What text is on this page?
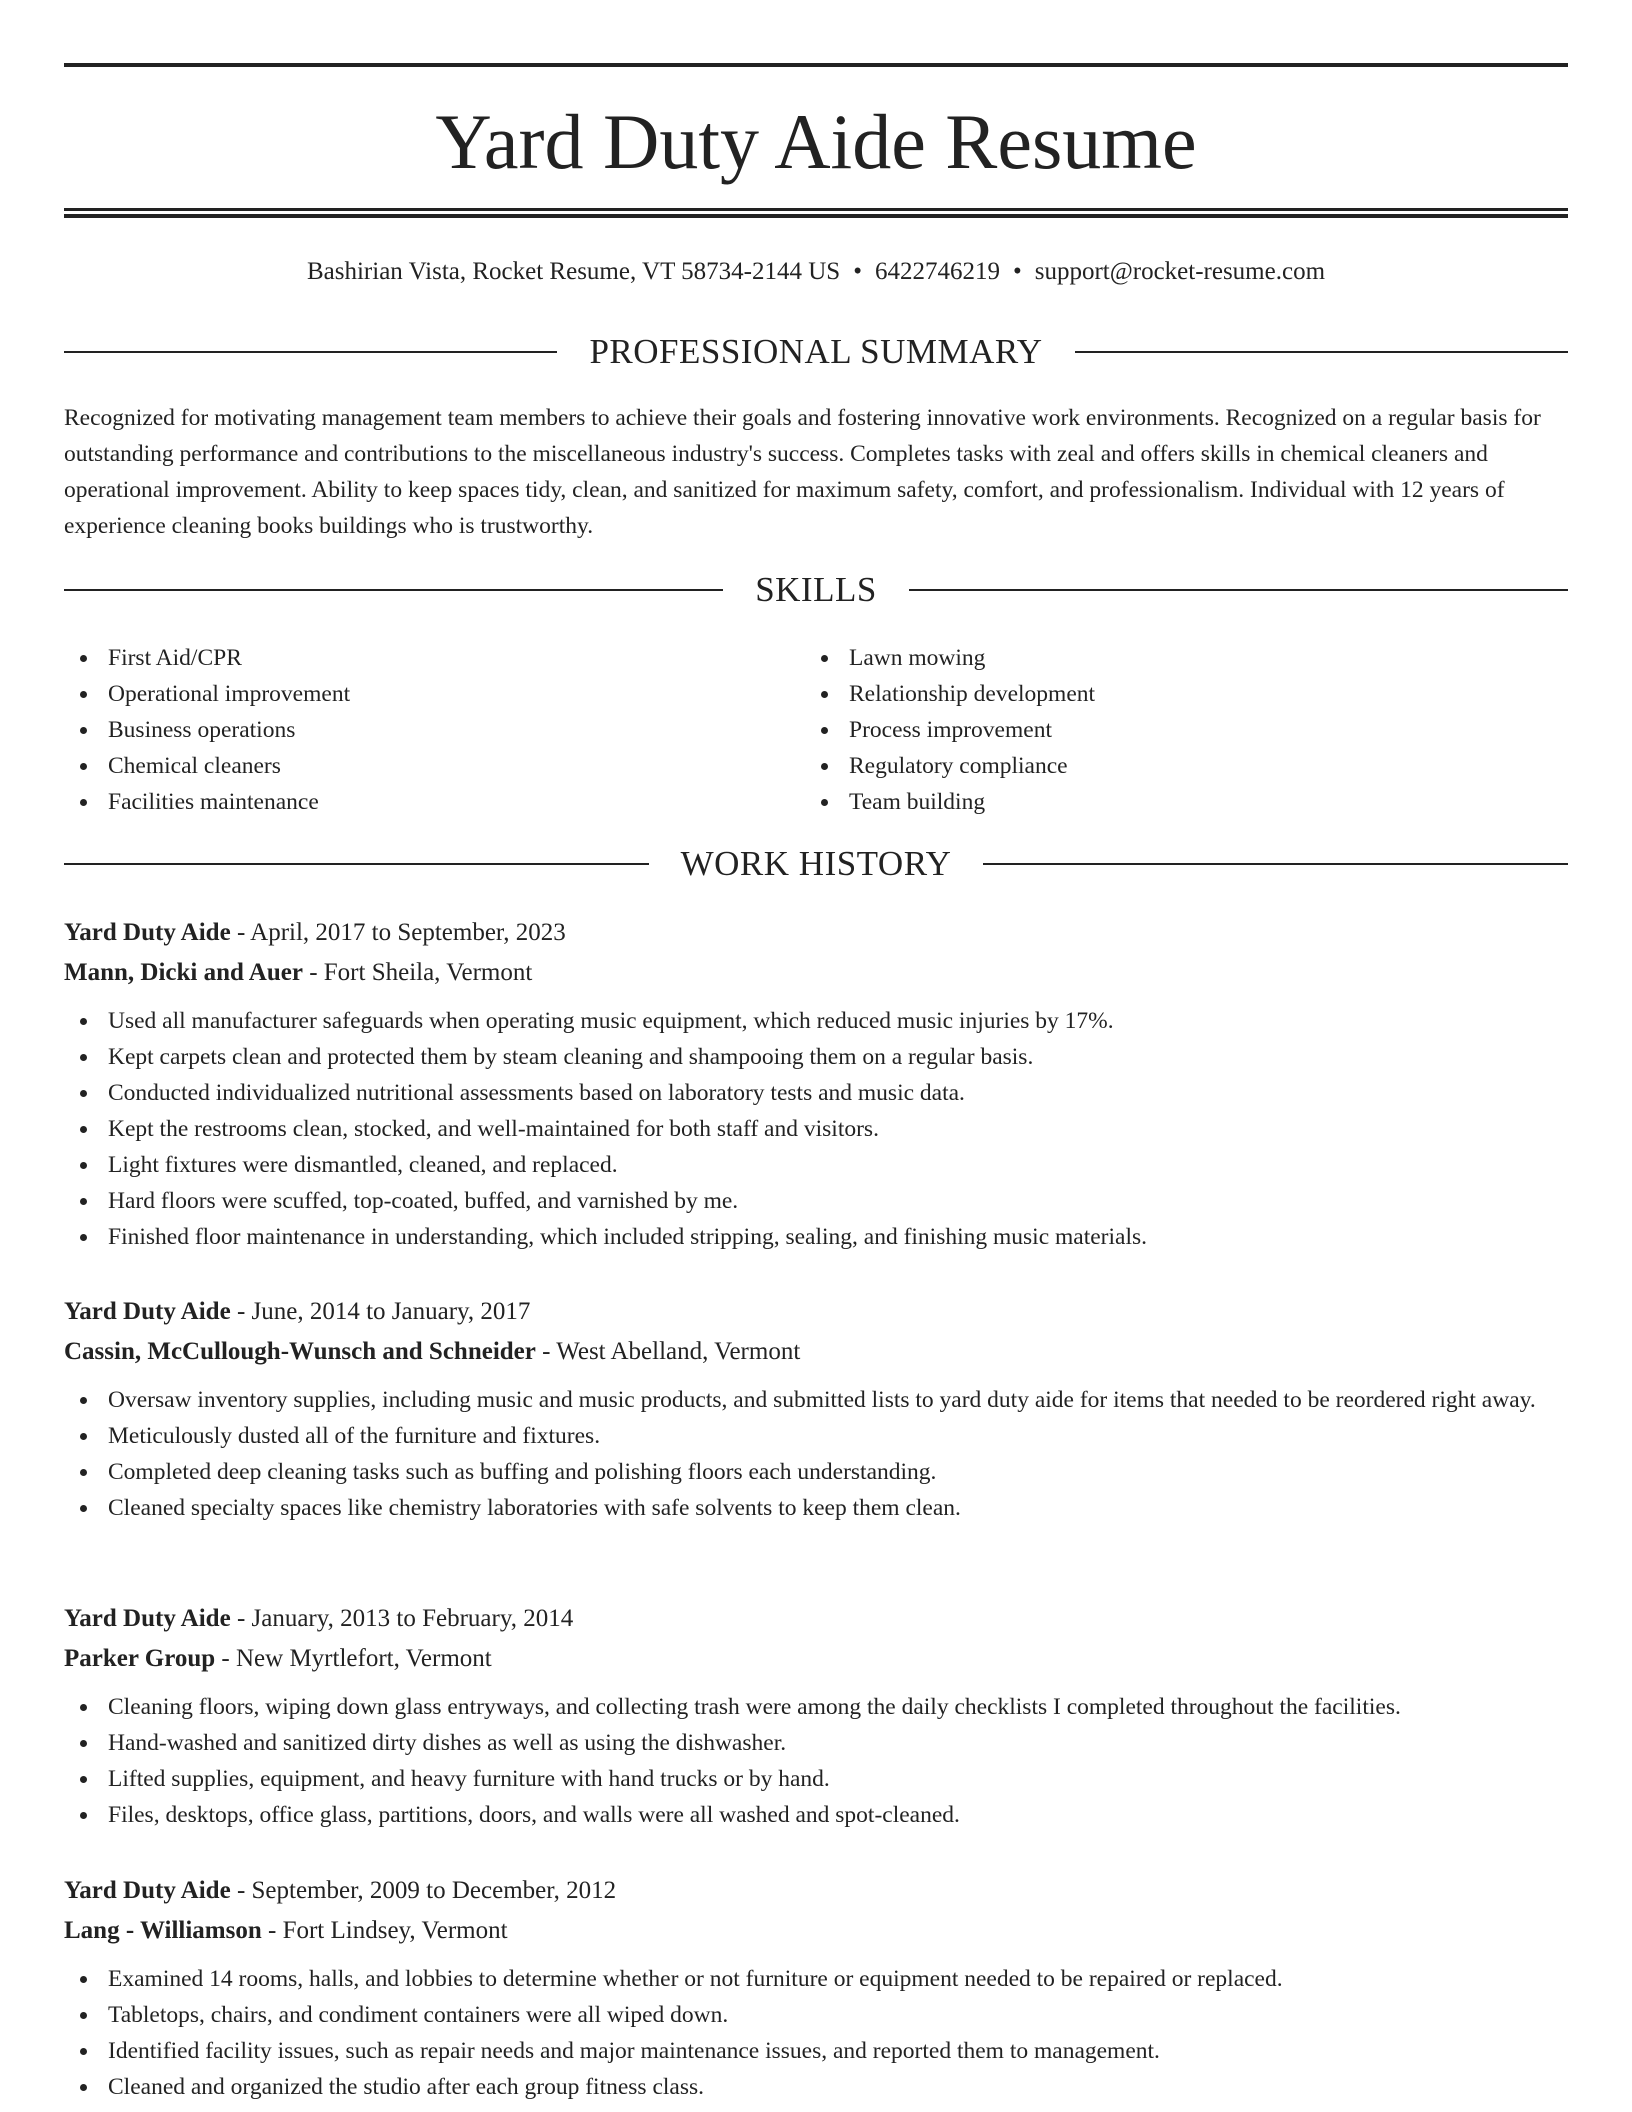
Yard Duty Aide Resume
Bashirian Vista, Rocket Resume, VT 58734-2144 US • 6422746219 • support@rocket-resume.com
PROFESSIONAL SUMMARY

Recognized for motivating management team members to achieve their goals and fostering innovative work environments. Recognized on a regular basis for outstanding performance and contributions to the miscellaneous industry's success. Completes tasks with zeal and offers skills in chemical cleaners and operational improvement. Ability to keep spaces tidy, clean, and sanitized for maximum safety, comfort, and professionalism. Individual with 12 years of experience cleaning books buildings who is trustworthy.

SKILLS
First Aid/CPR
Operational improvement
Business operations
Chemical cleaners
Facilities maintenance
Lawn mowing
Relationship development
Process improvement
Regulatory compliance
Team building
WORK HISTORY
Yard Duty Aide - April, 2017 to September, 2023
Mann, Dicki and Auer - Fort Sheila, Vermont
Used all manufacturer safeguards when operating music equipment, which reduced music injuries by 17%.
Kept carpets clean and protected them by steam cleaning and shampooing them on a regular basis.
Conducted individualized nutritional assessments based on laboratory tests and music data.
Kept the restrooms clean, stocked, and well-maintained for both staff and visitors.
Light fixtures were dismantled, cleaned, and replaced.
Hard floors were scuffed, top-coated, buffed, and varnished by me.
Finished floor maintenance in understanding, which included stripping, sealing, and finishing music materials.
Yard Duty Aide - June, 2014 to January, 2017
Cassin, McCullough-Wunsch and Schneider - West Abelland, Vermont
Oversaw inventory supplies, including music and music products, and submitted lists to yard duty aide for items that needed to be reordered right away.
Meticulously dusted all of the furniture and fixtures.
Completed deep cleaning tasks such as buffing and polishing floors each understanding.
Cleaned specialty spaces like chemistry laboratories with safe solvents to keep them clean.
Yard Duty Aide - January, 2013 to February, 2014
Parker Group - New Myrtlefort, Vermont
Cleaning floors, wiping down glass entryways, and collecting trash were among the daily checklists I completed throughout the facilities.
Hand-washed and sanitized dirty dishes as well as using the dishwasher.
Lifted supplies, equipment, and heavy furniture with hand trucks or by hand.
Files, desktops, office glass, partitions, doors, and walls were all washed and spot-cleaned.
Yard Duty Aide - September, 2009 to December, 2012
Lang - Williamson - Fort Lindsey, Vermont
Examined 14 rooms, halls, and lobbies to determine whether or not furniture or equipment needed to be repaired or replaced.
Tabletops, chairs, and condiment containers were all wiped down.
Identified facility issues, such as repair needs and major maintenance issues, and reported them to management.
Cleaned and organized the studio after each group fitness class.
